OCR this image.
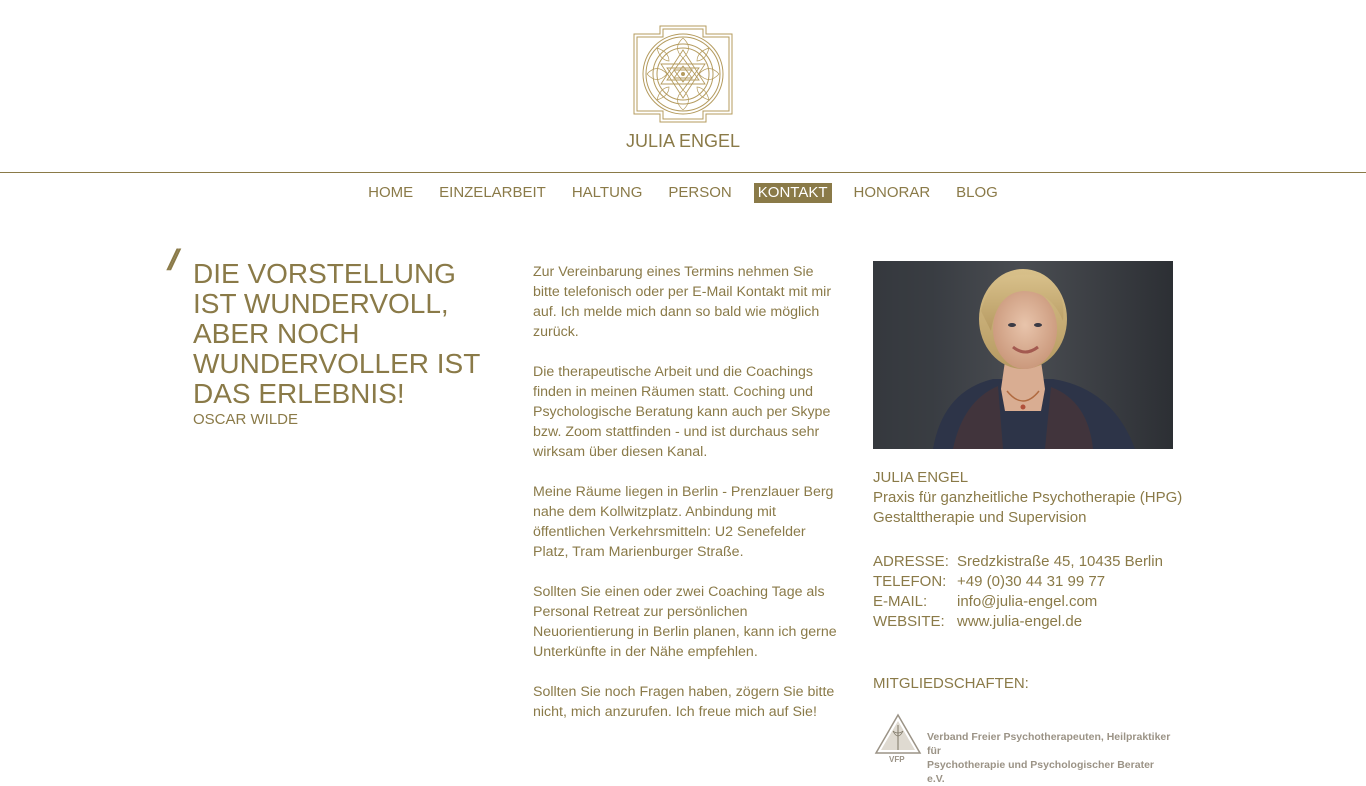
JULIA ENGEL
HOME EINZELARBEIT HALTUNG PERSON KONTAKT HONORAR BLOG
// DIE VORSTELLUNG
IST WUNDERVOLL,
ABER NOCH
WUNDERVOLLER IST
DAS ERLEBNIS!
OSCAR WILDE

Zur Vereinbarung eines Termins nehmen Sie bitte telefonisch oder per E-Mail Kontakt mit mir auf. Ich melde mich dann so bald wie möglich zurück.

Die therapeutische Arbeit und die Coachings finden in meinen Räumen statt. Coching und Psychologische Beratung kann auch per Skype bzw. Zoom stattfinden - und ist durchaus sehr wirksam über diesen Kanal.

Meine Räume liegen in Berlin - Prenzlauer Berg nahe dem Kollwitzplatz. Anbindung mit öffentlichen Verkehrsmitteln: U2 Senefelder Platz, Tram Marienburger Straße.

Sollten Sie einen oder zwei Coaching Tage als Personal Retreat zur persönlichen Neuorientierung in Berlin planen, kann ich gerne Unterkünfte in der Nähe empfehlen.

Sollten Sie noch Fragen haben, zögern Sie bitte nicht, mich anzurufen. Ich freue mich auf Sie!

JULIA ENGEL
Praxis für ganzheitliche Psychotherapie (HPG)
Gestalttherapie und Supervision
ADRESSE: Sredzkistraße 45, 10435 Berlin
TELEFON: +49 (0)30 44 31 99 77
E-MAIL:	info@julia-engel.com
WEBSITE: www.julia-engel.de
MITGLIEDSCHAFTEN:
VFP
Verband Freier Psychotherapeuten, Heilpraktiker für
Psychotherapie und Psychologischer Berater e.V.
